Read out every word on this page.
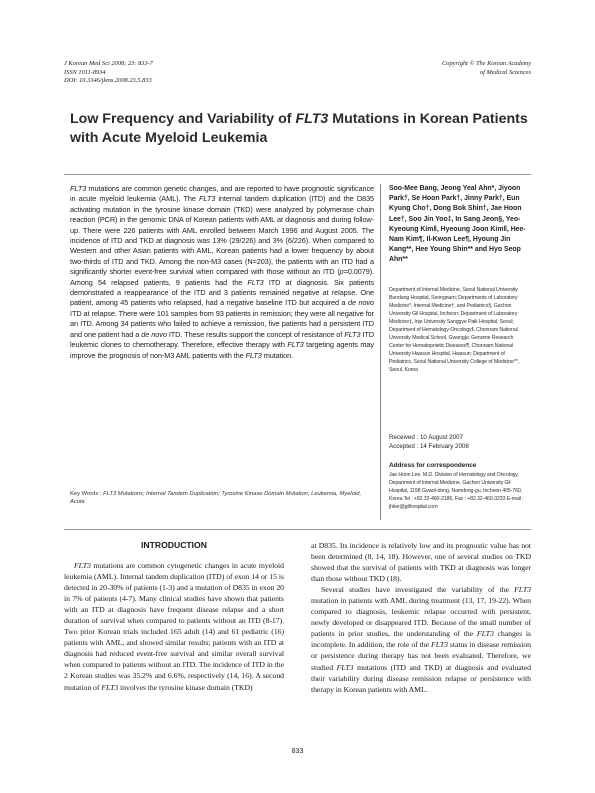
J Korean Med Sci 2008; 23: 833-7
ISSN 1011-8934
DOI: 10.3346/jkms.2008.23.5.833
Copyright © The Korean Academy
of Medical Sciences
Low Frequency and Variability of FLT3 Mutations in Korean Patients with Acute Myeloid Leukemia

FLT3 mutations are common genetic changes, and are reported to have prognostic significance in acute myeloid leukemia (AML). The FLT3 internal tandem duplication (ITD) and the D835 activating mutation in the tyrosine kinase domain (TKD) were analyzed by polymerase chain reaction (PCR) in the genomic DNA of Korean patients with AML at diagnosis and during follow-up. There were 226 patients with AML enrolled between March 1996 and August 2005. The incidence of ITD and TKD at diagnosis was 13% (29/226) and 3% (6/226). When compared to Western and other Asian patients with AML, Korean patients had a lower frequency by about two-thirds of ITD and TKD. Among the non-M3 cases (N=203), the patients with an ITD had a significantly shorter event-free survival when compared with those without an ITD (p=0.0079). Among 54 relapsed patients, 9 patients had the FLT3 ITD at diagnosis. Six patients demonstrated a reappearance of the ITD and 3 patients remained negative at relapse. One patient, among 45 patients who relapsed, had a negative baseline ITD but acquired a de novo ITD at relapse. There were 101 samples from 93 patients in remission; they were all negative for an ITD. Among 34 patients who failed to achieve a remission, five patients had a persistent ITD and one patient had a de novo ITD. These results support the concept of resistance of FLT3 ITD leukemic clones to chemotherapy. Therefore, effective therapy with FLT3 targeting agents may improve the prognosis of non-M3 AML patients with the FLT3 mutation.

Key Words : FLT3 Mutations; Internal Tandem Duplication; Tyrosine Kinase Domain Mutation; Leukemia, Myeloid, Acute

Soo-Mee Bang, Jeong Yeal Ahn*, Jiyoon Park†, Se Hoon Park†, Jinny Park†, Eun Kyung Cho†, Dong Bok Shin†, Jae Hoon Lee†, Soo Jin Yoo‡, In Sang Jeon§, Yeo-Kyeoung Kim‖, Hyeoung Joon Kim‖, Hee-Nam Kim¶, Il-Kwon Lee¶, Hyoung Jin Kang**, Hee Young Shin** and Hyo Seop Ahn**

Department of Internal Medicine, Seoul National University Bundang Hospital, Seongnam; Departments of Laboratory Medicine*, Internal Medicine†, and Pediatrics§, Gachon University Gil Hospital, Incheon; Department of Laboratory Medicine‡, Inje University Sanggye Paik Hospital, Seoul; Department of Hematology-Oncology‖, Chonnam National University Medical School, Gwangju; Genome Research Center for Hematopoietic Diseases¶, Chonnam National University Hwasun Hospital, Hwasun; Department of Pediatrics, Seoul National University College of Medicine**, Seoul, Korea

Received : 10 August 2007
Accepted : 14 February 2008

Address for correspondence

Jae Hoon Lee, M.D. Division of Hematology and Oncology, Department of Internal Medicine, Gachon University Gil Hospital, 1198 Guwol-dong, Namdong-gu, Incheon 405-760, Korea Tel : +82.32-460-2186, Fax : +82.32-460-3233 E-mail : jhlee@gilhospital.com

INTRODUCTION

FLT3 mutations are common cytogenetic changes in acute myeloid leukemia (AML). Internal tandem duplication (ITD) of exon 14 or 15 is detected in 20-30% of patients (1-3) and a mutation of D835 in exon 20 in 7% of patients (4-7). Many clinical studies have shown that patients with an ITD at diagnosis have frequent disease relapse and a short duration of survival when compared to patients without an ITD (8-17). Two prior Korean trials included 165 adult (14) and 61 pediatric (16) patients with AML, and showed similar results; patients with an ITD at diagnosis had reduced event-free survival and similar overall survival when compared to patients without an ITD. The incidence of ITD in the 2 Korean studies was 35.2% and 6.6%, respectively (14, 16). A second mutation of FLT3 involves the tyrosine kinase domain (TKD)

at D835. Its incidence is relatively low and its prognostic value has not been determined (8, 14, 18). However, one of several studies on TKD showed that the survival of patients with TKD at diagnosis was longer than those without TKD (18).

Several studies have investigated the variability of the FLT3 mutation in patients with AML during treatment (13, 17, 19-22). When compared to diagnosis, leukemic relapse occurred with persistent, newly developed or disappeared ITD. Because of the small number of patients in prior studies, the understanding of the FLT3 changes is incomplete. In addition, the role of the FLT3 status in disease remission or persistence during therapy has not been evaluated. Therefore, we studied FLT3 mutations (ITD and TKD) at diagnosis and evaluated their variability during disease remission relapse or persistence with therapy in Korean patients with AML.

833
